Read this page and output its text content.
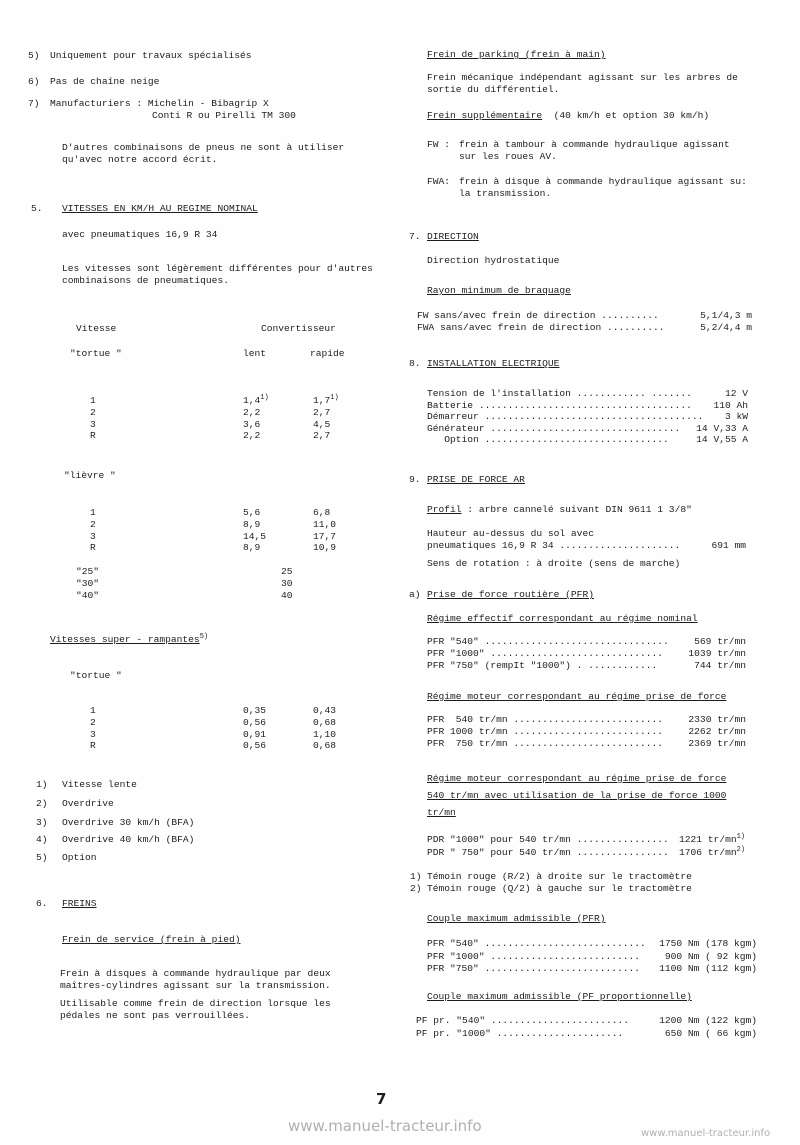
5) Uniquement pour travaux spécialisés
6) Pas de chaîne neige
7) Manufacturiers : Michelin - Bibagrip X
Conti R ou Pirelli TM 300
D'autres combinaisons de pneus ne sont à utiliser
qu'avec notre accord écrit.
5. VITESSES EN KM/H AU REGIME NOMINAL
avec pneumatiques 16,9 R 34
Les vitesses sont légèrement différentes pour d'autres
combinaisons de pneumatiques.
Vitesse	Convertisseur
"tortue "	lent	rapide
1	1,4$^{1)}$	1,7$^{1)}$
2	2,2	2,7
3	3,6	4,5
R	2,2	2,7
"lièvre "
1	5,6	6,8
2	8,9	11,0
3	14,5	17,7
R	8,9	10,9
"25"	25
"30"	30
"40"	40
Vitesses super - rampantes$^{5)}$
"tortue "
1	0,35	0,43
2	0,56	0,68
3	0,91	1,10
R	0,56	0,68
1) Vitesse lente
2) Overdrive
3) Overdrive 30 km/h (BFA)
4) Overdrive 40 km/h (BFA)
5) Option
6. FREINS
Frein de service (frein à pied)
Frein à disques à commande hydraulique par deux
maîtres-cylindres agissant sur la transmission.
Utilisable comme frein de direction lorsque les
pédales ne sont pas verrouillées.
Frein de parking (frein à main)
Frein mécanique indépendant agissant sur les arbres de
sortie du différentiel.
Frein supplémentaire (40 km/h et option 30 km/h)
FW : frein à tambour à commande hydraulique agissant
sur les roues AV.
FWA: frein à disque à commande hydraulique agissant su:
la transmission.
7. DIRECTION
Direction hydrostatique
Rayon minimum de braquage
FW sans/avec frein de direction ..........	5,1/4,3 m
FWA sans/avec frein de direction ..........	5,2/4,4 m
8. INSTALLATION ELECTRIQUE
Tension de l'installation ............ .......	12 V
Batterie .....................................	110 Ah
Démarreur ......................................	3 kW
Générateur .................................	14 V,33 A
Option ................................	14 V,55 A
9. PRISE DE FORCE AR
Profil : arbre cannelé suivant DIN 9611 1 3/8"
Hauteur au-dessus du sol avec
pneumatiques 16,9 R 34 .....................	691 mm
Sens de rotation : à droite (sens de marche)
a) Prise de force routière (PFR)
Régime effectif correspondant au régime nominal
PFR "540" ................................	569 tr/mn
PFR "1000" ..............................	1039 tr/mn
PFR "750" (rempIt "1000") . ............	744 tr/mn
Régime moteur correspondant au régime prise de force
PFR  540 tr/mn ..........................	2330 tr/mn
PFR 1000 tr/mn ..........................	2262 tr/mn
PFR  750 tr/mn ..........................	2369 tr/mn
Régime moteur correspondant au régime prise de force
540 tr/mn avec utilisation de la prise de force 1000
tr/mn
PDR "1000" pour 540 tr/mn ................	1221 $tr/mn^{1)}$
PDR " 750" pour 540 tr/mn ................	1706 $tr/mn^{2)}$
1) Témoin rouge (R/2) à droite sur le tractomètre
2) Témoin rouge (Q/2) à gauche sur le tractomètre
Couple maximum admissible (PFR)
PFR "540" ............................	1750 Nm (178 kgm)
PFR "1000" ..........................	900 Nm ( 92 kgm)
PFR "750" ...........................	1100 Nm (112 kgm)
Couple maximum admissible (PF proportionnelle)
PF pr. "540" ........................	1200 Nm (122 kgm)
PF pr. "1000" ......................	650 Nm ( 66 kgm)
7
www.manuel-tracteur.info	www.manuel-tracteur.info
